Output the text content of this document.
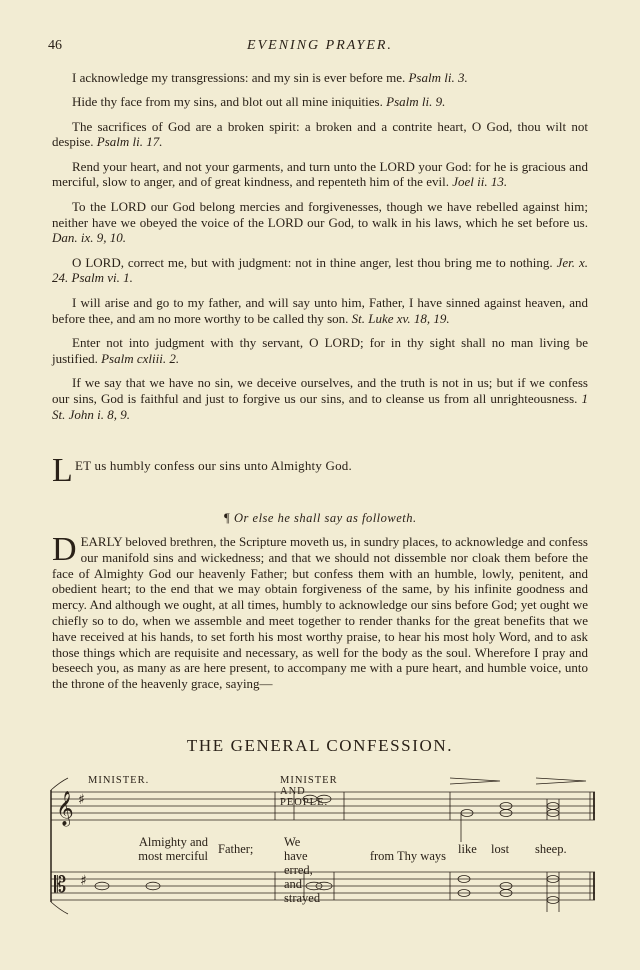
46	EVENING PRAYER.

I acknowledge my transgressions: and my sin is ever before me. Psalm li. 3.

Hide thy face from my sins, and blot out all mine iniquities. Psalm li. 9.

The sacrifices of God are a broken spirit: a broken and a contrite heart, O God, thou wilt not despise. Psalm li. 17.

Rend your heart, and not your garments, and turn unto the LORD your God: for he is gracious and merciful, slow to anger, and of great kindness, and repenteth him of the evil. Joel ii. 13.

To the LORD our God belong mercies and forgivenesses, though we have rebelled against him; neither have we obeyed the voice of the LORD our God, to walk in his laws, which he set before us. Dan. ix. 9, 10.

O LORD, correct me, but with judgment: not in thine anger, lest thou bring me to nothing. Jer. x. 24. Psalm vi. 1.

I will arise and go to my father, and will say unto him, Father, I have sinned against heaven, and before thee, and am no more worthy to be called thy son. St. Luke xv. 18, 19.

Enter not into judgment with thy servant, O LORD; for in thy sight shall no man living be justified. Psalm cxliii. 2.

If we say that we have no sin, we deceive ourselves, and the truth is not in us; but if we confess our sins, God is faithful and just to forgive us our sins, and to cleanse us from all unrighteousness. 1 St. John i. 8, 9.

L ET us humbly confess our sins unto Almighty God.
¶ Or else he shall say as followeth.
DEARLY beloved brethren, the Scripture moveth us, in sundry places, to acknowledge and confess our manifold sins and wickedness; and that we should not dissemble nor cloak them before the face of Almighty God our heavenly Father; but confess them with an humble, lowly, penitent, and obedient heart; to the end that we may obtain forgiveness of the same, by his infinite goodness and mercy. And although we ought, at all times, humbly to acknowledge our sins before God; yet ought we chiefly so to do, when we assemble and meet together to render thanks for the great benefits that we have received at his hands, to set forth his most worthy praise, to hear his most holy Word, and to ask those things which are requisite and necessary, as well for the body as the soul. Wherefore I pray and beseech you, as many as are here present, to accompany me with a pure heart, and humble voice, unto the throne of the heavenly grace, saying—
THE GENERAL CONFESSION.
𝄞 ♯
𝄡 ♯
MINISTER.	MINISTER AND PEOPLE.
Almighty and
most merciful Father; We have erred, and strayed
from Thy ways like lost sheep.
